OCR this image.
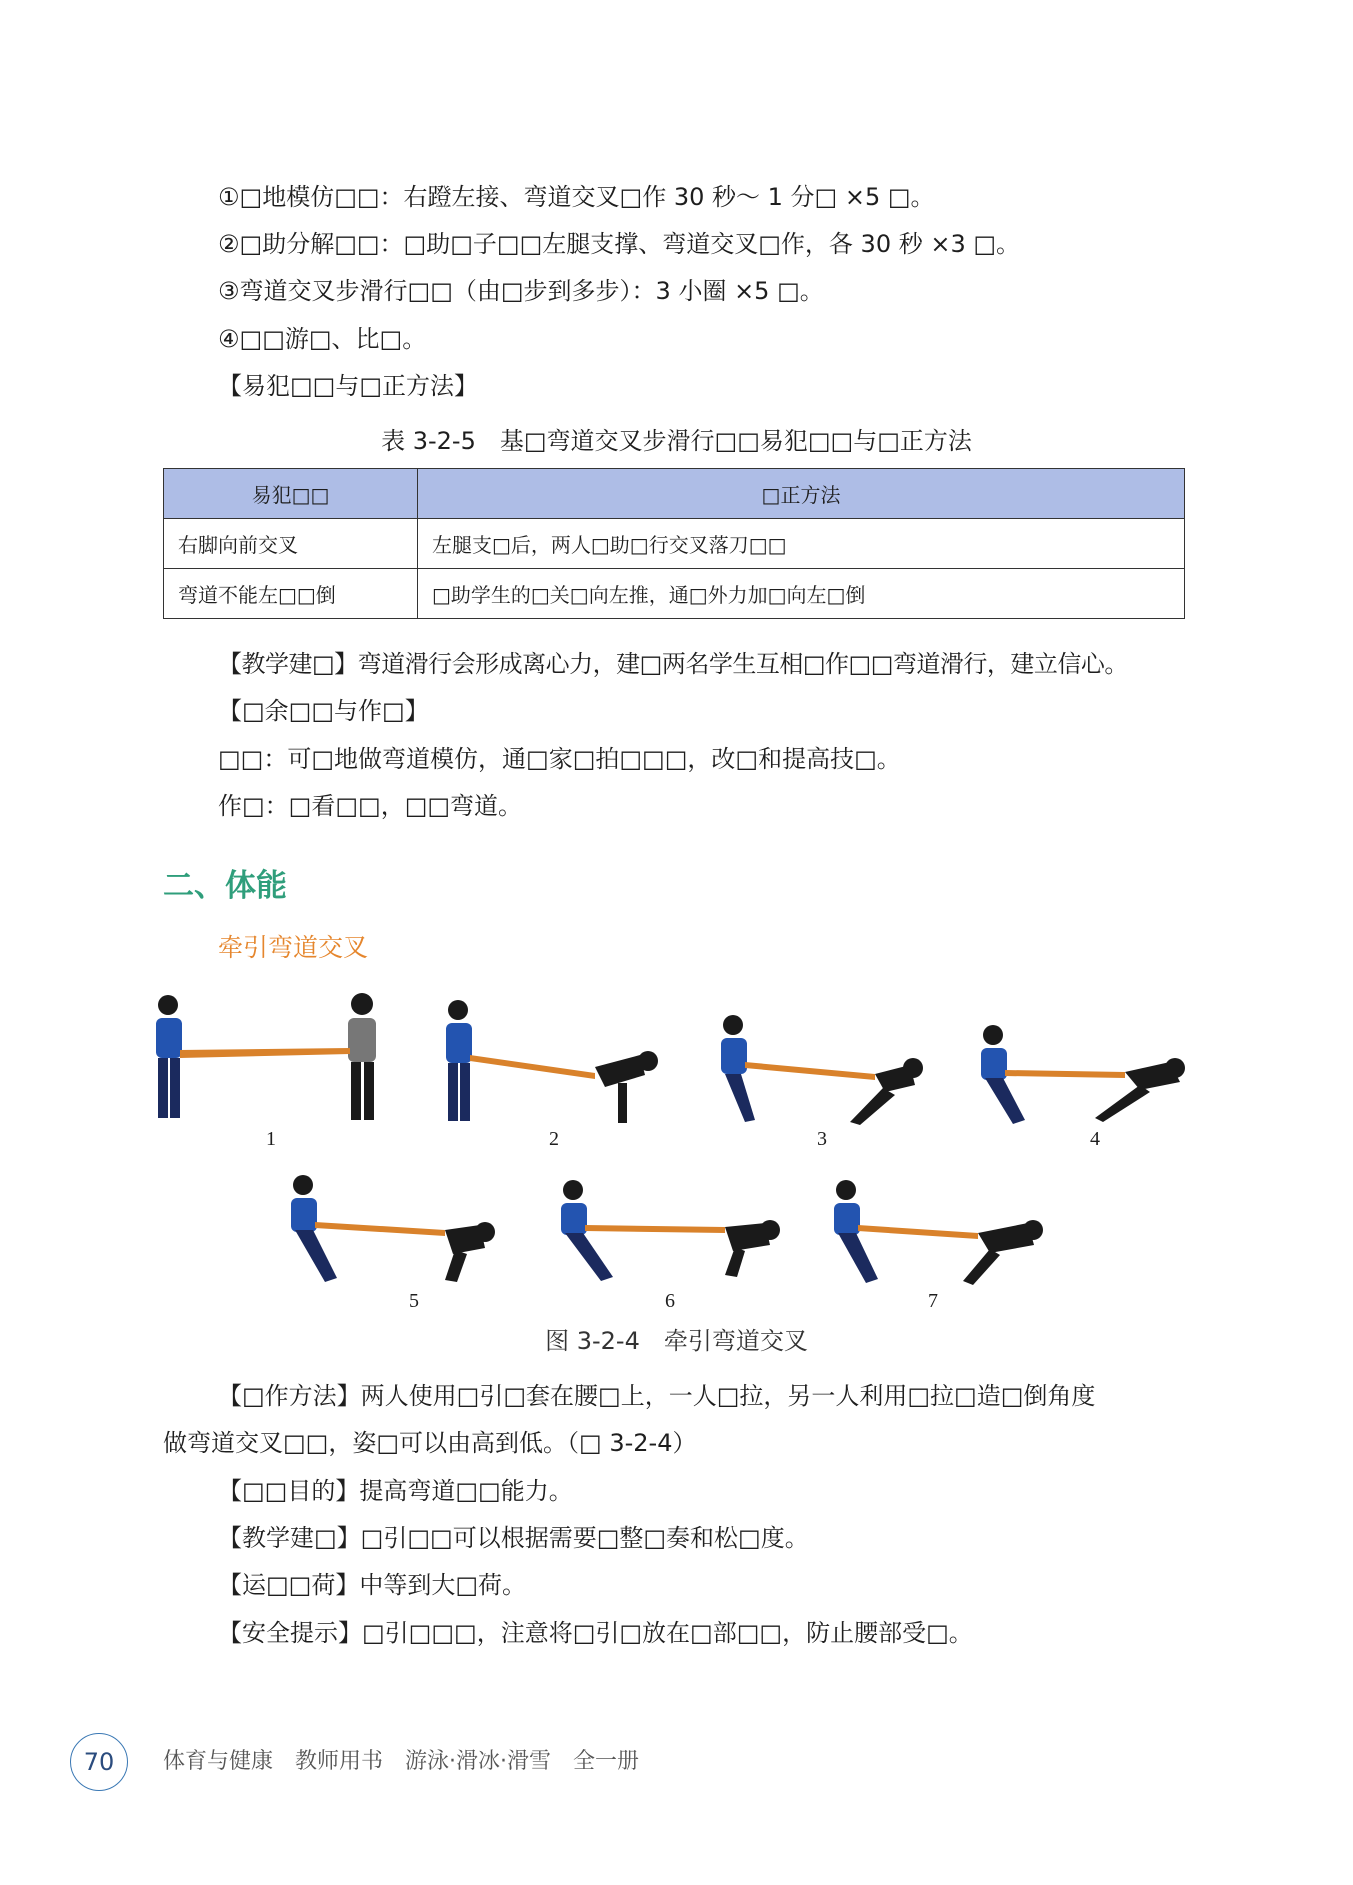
①□地模仿□□：右蹬左接、弯道交叉□作 30 秒～ 1 分□ ×5 □。
②□助分解□□：□助□子□□左腿支撑、弯道交叉□作，各 30 秒 ×3 □。
③弯道交叉步滑行□□（由□步到多步）：3 小圈 ×5 □。
④□□游□、比□。
【易犯□□与□正方法】
表 3-2-5　基□弯道交叉步滑行□□易犯□□与□正方法
易犯□□	□正方法
右脚向前交叉	左腿支□后，两人□助□行交叉落刀□□
弯道不能左□□倒	□助学生的□关□向左推，通□外力加□向左□倒
【教学建□】弯道滑行会形成离心力，建□两名学生互相□作□□弯道滑行，建立信心。
【□余□□与作□】
□□：可□地做弯道模仿，通□家□拍□□□，改□和提高技□。
作□：□看□□，□□弯道。
二、体能
牵引弯道交叉
1	2	3	4
5	6	7
图 3-2-4　牵引弯道交叉
【□作方法】两人使用□引□套在腰□上，一人□拉，另一人利用□拉□造□倒角度
做弯道交叉□□，姿□可以由高到低。（□ 3-2-4）
【□□目的】提高弯道□□能力。
【教学建□】□引□□可以根据需要□整□奏和松□度。
【运□□荷】中等到大□荷。
【安全提示】□引□□□，注意将□引□放在□部□□，防止腰部受□。
70	体育与健康　教师用书　游泳·滑冰·滑雪　全一册
